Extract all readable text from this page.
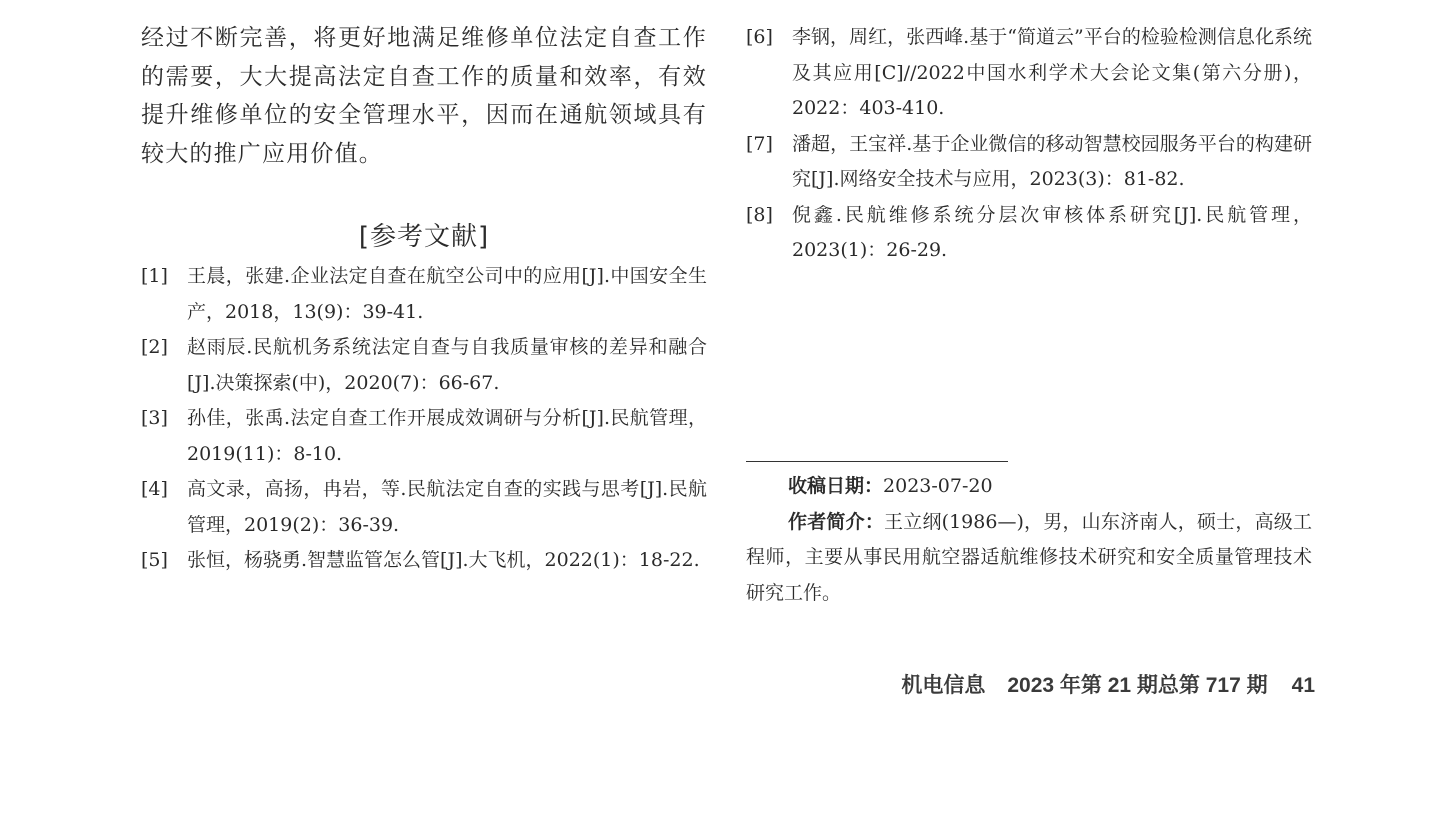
经过不断完善，将更好地满足维修单位法定自查工作的需要，大大提高法定自查工作的质量和效率，有效提升维修单位的安全管理水平，因而在通航领域具有较大的推广应用价值。

[参考文献]
[1]	王晨，张建.企业法定自查在航空公司中的应用[J].中国安全生产，2018，13(9)：39-41.
[2]	赵雨辰.民航机务系统法定自查与自我质量审核的差异和融合[J].决策探索(中)，2020(7)：66-67.
[3]	孙佳，张禹.法定自查工作开展成效调研与分析[J].民航管理，2019(11)：8-10.
[4]	高文录，高扬，冉岩，等.民航法定自查的实践与思考[J].民航管理，2019(2)：36-39.
[5]	张恒，杨骁勇.智慧监管怎么管[J].大飞机，2022(1)：18-22.
[6]	李钢，周红，张西峰.基于“简道云”平台的检验检测信息化系统及其应用[C]//2022中国水利学术大会论文集(第六分册)，2022：403-410.
[7]	潘超，王宝祥.基于企业微信的移动智慧校园服务平台的构建研究[J].网络安全技术与应用，2023(3)：81-82.
[8]	倪鑫.民航维修系统分层次审核体系研究[J].民航管理，2023(1)：26-29.
收稿日期：2023-07-20
作者简介：王立纲(1986—)，男，山东济南人，硕士，高级工程师，主要从事民用航空器适航维修技术研究和安全质量管理技术研究工作。
机电信息 2023 年第 21 期总第 717 期 41
